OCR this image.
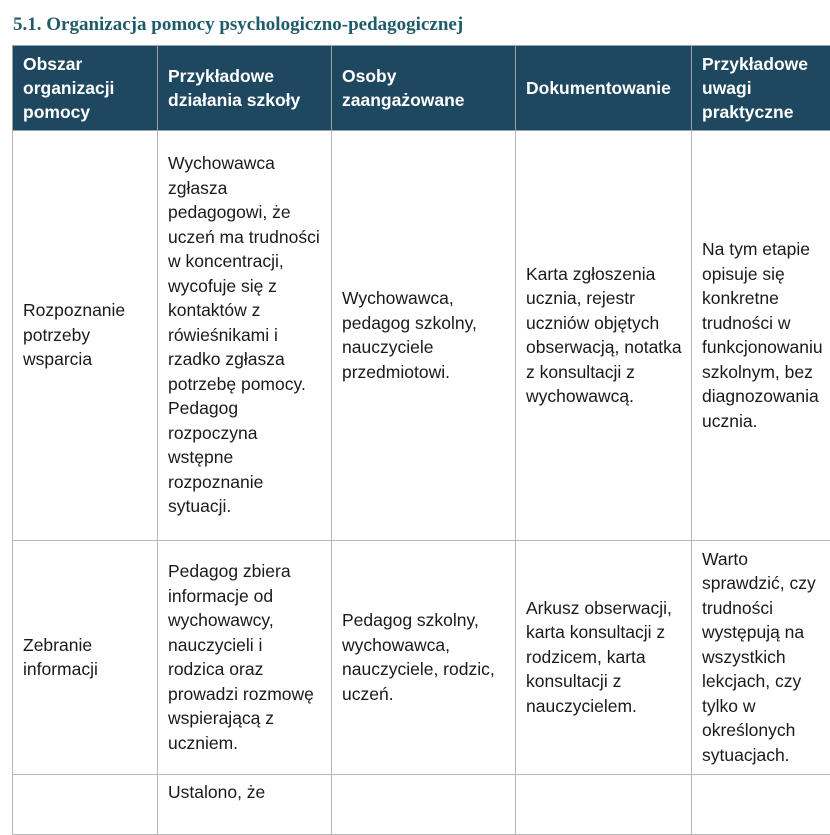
5.1. Organizacja pomocy psychologiczno-pedagogicznej
Obszar organizacji pomocy	Przykładowe działania szkoły	Osoby zaangażowane	Dokumentowanie	Przykładowe uwagi praktyczne
Rozpoznanie potrzeby wsparcia	Wychowawca zgłasza pedagogowi, że uczeń ma trudności w koncentracji, wycofuje się z kontaktów z rówieśnikami i rzadko zgłasza potrzebę pomocy. Pedagog rozpoczyna wstępne rozpoznanie sytuacji.	Wychowawca, pedagog szkolny, nauczyciele przedmiotowi.	Karta zgłoszenia ucznia, rejestr uczniów objętych obserwacją, notatka z konsultacji z wychowawcą.	Na tym etapie opisuje się konkretne trudności w funkcjonowaniu szkolnym, bez diagnozowania ucznia.
Zebranie informacji	Pedagog zbiera informacje od wychowawcy, nauczycieli i rodzica oraz prowadzi rozmowę wspierającą z uczniem.	Pedagog szkolny, wychowawca, nauczyciele, rodzic, uczeń.	Arkusz obserwacji, karta konsultacji z rodzicem, karta konsultacji z nauczycielem.	Warto sprawdzić, czy trudności występują na wszystkich lekcjach, czy tylko w określonych sytuacjach.
	Ustalono, że			
